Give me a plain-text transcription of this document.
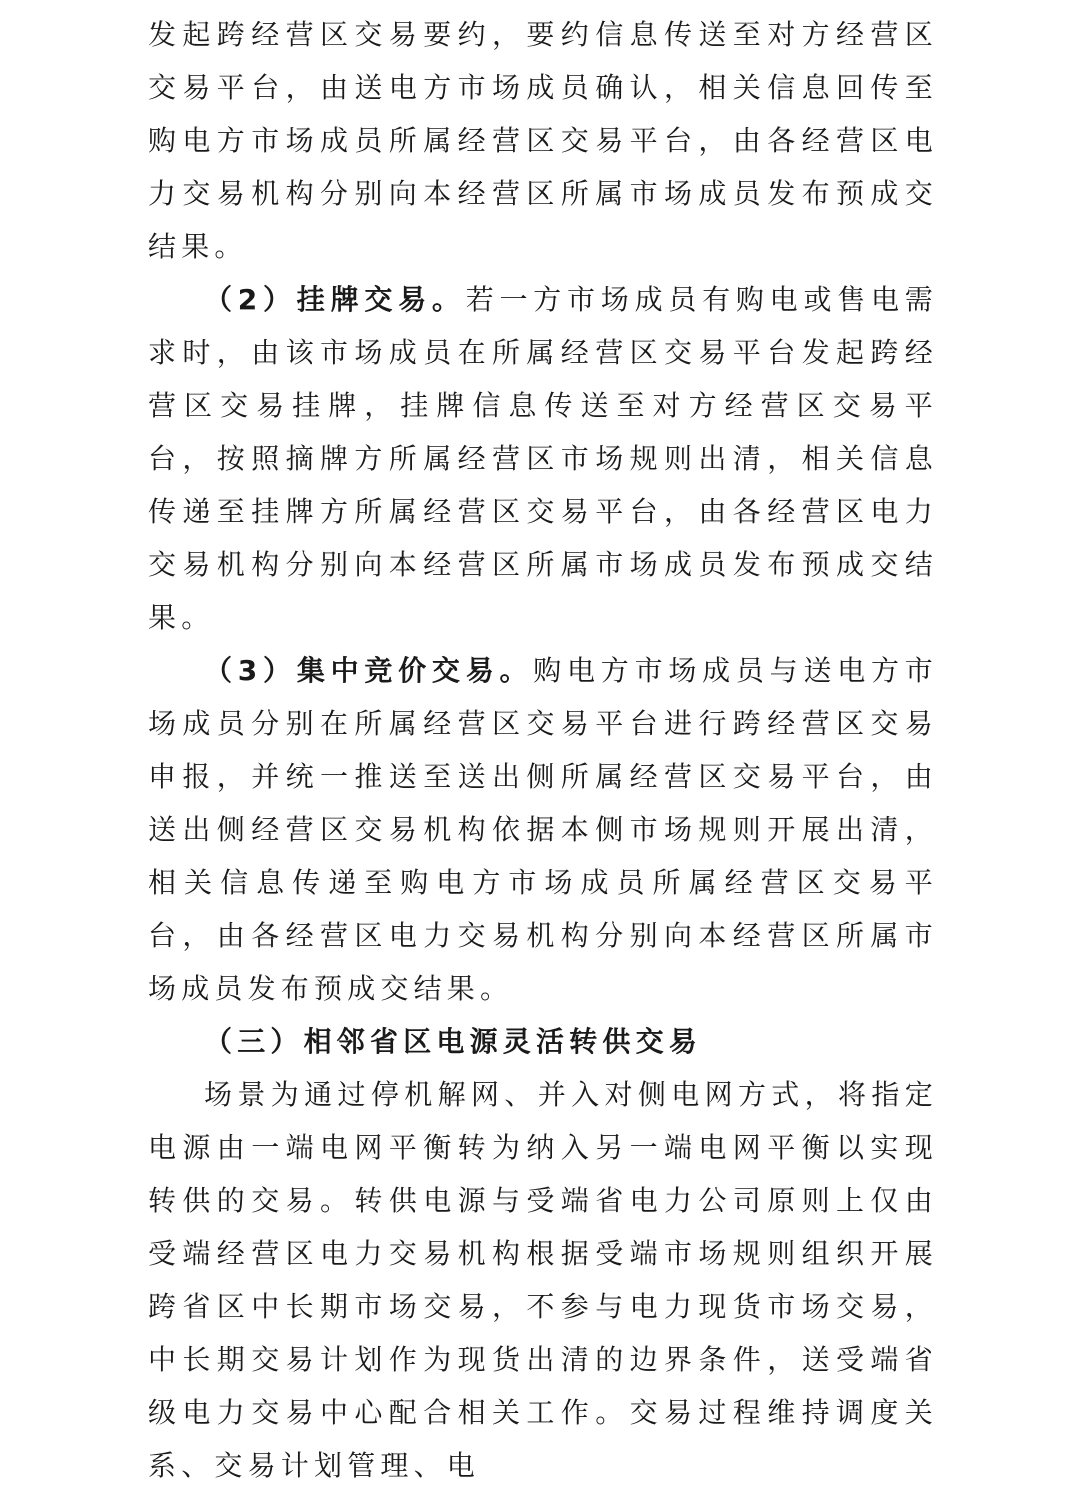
发起跨经营区交易要约，要约信息传送至对方经营区交易平台，由送电方市场成员确认，相关信息回传至购电方市场成员所属经营区交易平台，由各经营区电力交易机构分别向本经营区所属市场成员发布预成交结果。

（2）挂牌交易。若一方市场成员有购电或售电需求时，由该市场成员在所属经营区交易平台发起跨经营区交易挂牌，挂牌信息传送至对方经营区交易平台，按照摘牌方所属经营区市场规则出清，相关信息传递至挂牌方所属经营区交易平台，由各经营区电力交易机构分别向本经营区所属市场成员发布预成交结果。

（3）集中竞价交易。购电方市场成员与送电方市场成员分别在所属经营区交易平台进行跨经营区交易申报，并统一推送至送出侧所属经营区交易平台，由送出侧经营区交易机构依据本侧市场规则开展出清，相关信息传递至购电方市场成员所属经营区交易平台，由各经营区电力交易机构分别向本经营区所属市场成员发布预成交结果。

（三）相邻省区电源灵活转供交易

场景为通过停机解网、并入对侧电网方式，将指定电源由一端电网平衡转为纳入另一端电网平衡以实现转供的交易。转供电源与受端省电力公司原则上仅由受端经营区电力交易机构根据受端市场规则组织开展跨省区中长期市场交易，不参与电力现货市场交易，中长期交易计划作为现货出清的边界条件，送受端省级电力交易中心配合相关工作。交易过程维持调度关系、交易计划管理、电
